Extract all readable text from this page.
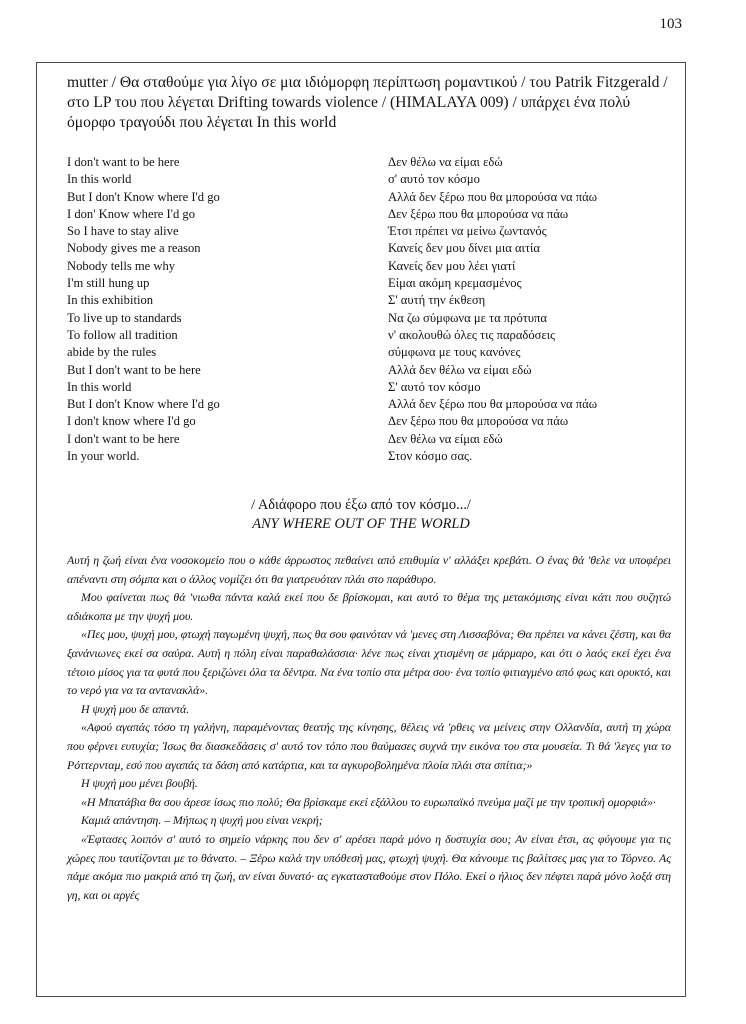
103
mutter / Θα σταθούμε για λίγο σε μια ιδιόμορφη περίπτωση ρομαντικού / του Patrik Fitzgerald / στο LP του που λέγεται Drifting towards violence / (HIMALAYA 009) / υπάρχει ένα πολύ όμορφο τραγούδι που λέγεται In this world
I don't want to be here	Δεν θέλω να είμαι εδώ
In this world	σ' αυτό τον κόσμο
But I don't Know where I'd go	Αλλά δεν ξέρω που θα μπορούσα να πάω
I don' Know where I'd go	Δεν ξέρω που θα μπορούσα να πάω
So I have to stay alive	Έτσι πρέπει να μείνω ζωντανός
Nobody gives me a reason	Κανείς δεν μου δίνει μια αιτία
Nobody tells me why	Κανείς δεν μου λέει γιατί
I'm still hung up	Είμαι ακόμη κρεμασμένος
In this exhibition	Σ' αυτή την έκθεση
To live up to standards	Να ζω σύμφωνα με τα πρότυπα
To follow all tradition	ν' ακολουθώ όλες τις παραδόσεις
abide by the rules	σύμφωνα με τους κανόνες
But I don't want to be here	Αλλά δεν θέλω να είμαι εδώ
In this world	Σ' αυτό τον κόσμο
But I don't Know where I'd go	Αλλά δεν ξέρω που θα μπορούσα να πάω
I don't know where I'd go	Δεν ξέρω που θα μπορούσα να πάω
I don't want to be here	Δεν θέλω να είμαι εδώ
In your world.	Στον κόσμο σας.
/ Αδιάφορο που έξω από τον κόσμο.../
ANY WHERE OUT OF THE WORLD

Αυτή η ζωή είναι ένα νοσοκομείο που ο κάθε άρρωστος πεθαίνει από επιθυμία ν' αλλάξει κρεβάτι. Ο ένας θά 'θελε να υποφέρει απέναντι στη σόμπα και ο άλλος νομίζει ότι θα γιατρευόταν πλάι στο παράθυρο.

Μου φαίνεται πως θά 'νιωθα πάντα καλά εκεί που δε βρίσκομαι, και αυτό το θέμα της μετακόμισης είναι κάτι που συζητώ αδιάκοπα με την ψυχή μου.

«Πες μου, ψυχή μου, φτωχή παγωμένη ψυχή, πως θα σου φαινόταν νά 'μενες στη Λισσαβόνα; Θα πρέπει να κάνει ζέστη, και θα ξανάνιωνες εκεί σα σαύρα. Αυτή η πόλη είναι παραθαλάσσια· λένε πως είναι χτισμένη σε μάρμαρο, και ότι ο λαός εκεί έχει ένα τέτοιο μίσος για τα φυτά που ξεριζώνει όλα τα δέντρα. Να ένα τοπίο στα μέτρα σου· ένα τοπίο φιτιαγμένο από φως και ορυκτό, και το νερό για να τα αντανακλά».

Η ψυχή μου δε απαντά.

«Αφού αγαπάς τόσο τη γαλήνη, παραμένοντας θεατής της κίνησης, θέλεις νά 'ρθεις να μείνεις στην Ολλανδία, αυτή τη χώρα που φέρνει ευτυχία; Ίσως θα διασκεδάσεις σ' αυτό τον τόπο που θαύμασες συχνά την εικόνα του στα μουσεία. Τι θά 'λεγες για το Ρόττερνταμ, εσύ που αγαπάς τα δάση από κατάρτια, και τα αγκυροβολημένα πλοία πλάι στα σπίτια;»

Η ψυχή μου μένει βουβή.

«Η Μπατάβια θα σου άρεσε ίσως πιο πολύ; Θα βρίσκαμε εκεί εξάλλου το ευρωπαϊκό πνεύμα μαζί με την τροπική ομορφιά»·

Καμιά απάντηση. – Μήπως η ψυχή μου είναι νεκρή;

«Έφτασες λοιπόν σ' αυτό το σημείο νάρκης που δεν σ' αρέσει παρά μόνο η δυστυχία σου; Αν είναι έτσι, ας φύγουμε για τις χώρες που ταυτίζονται με το θάνατο. – Ξέρω καλά την υπόθεσή μας, φτωχή ψυχή. Θα κάνουμε τις βαλίτσες μας για το Τόρνεο. Ας πάμε ακόμα πιο μακριά από τη ζωή, αν είναι δυνατό· ας εγκατασταθούμε στον Πόλο. Εκεί ο ήλιος δεν πέφτει παρά μόνο λοξά στη γη, και οι αργές
